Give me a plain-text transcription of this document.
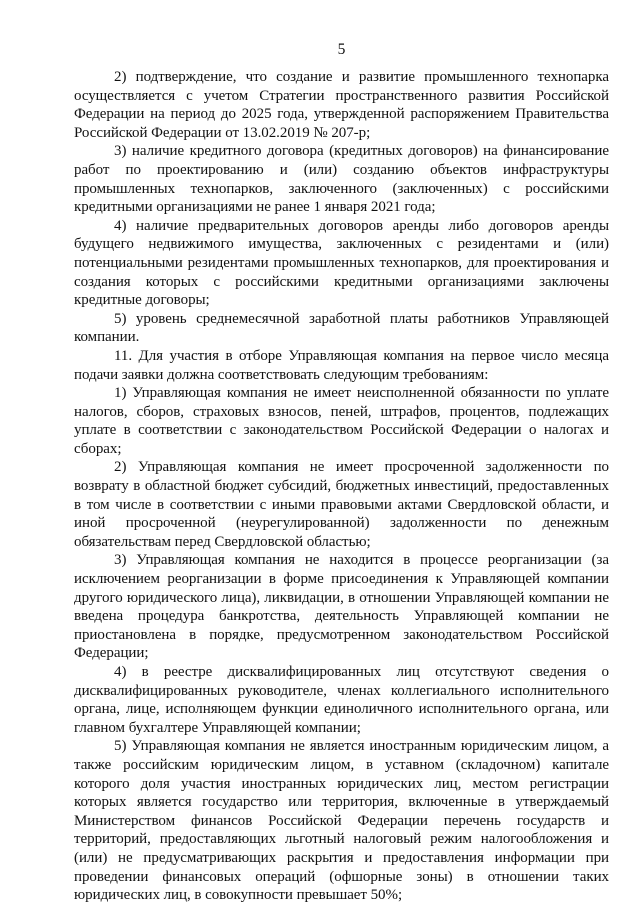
5

2) подтверждение, что создание и развитие промышленного технопарка осуществляется с учетом Стратегии пространственного развития Российской Федерации на период до 2025 года, утвержденной распоряжением Правительства Российской Федерации от 13.02.2019 № 207-р;

3) наличие кредитного договора (кредитных договоров) на финансирование работ по проектированию и (или) созданию объектов инфраструктуры промышленных технопарков, заключенного (заключенных) с российскими кредитными организациями не ранее 1 января 2021 года;

4) наличие предварительных договоров аренды либо договоров аренды будущего недвижимого имущества, заключенных с резидентами и (или) потенциальными резидентами промышленных технопарков, для проектирования и создания которых с российскими кредитными организациями заключены кредитные договоры;

5) уровень среднемесячной заработной платы работников Управляющей компании.

11. Для участия в отборе Управляющая компания на первое число месяца подачи заявки должна соответствовать следующим требованиям:

1) Управляющая компания не имеет неисполненной обязанности по уплате налогов, сборов, страховых взносов, пеней, штрафов, процентов, подлежащих уплате в соответствии с законодательством Российской Федерации о налогах и сборах;

2) Управляющая компания не имеет просроченной задолженности по возврату в областной бюджет субсидий, бюджетных инвестиций, предоставленных в том числе в соответствии с иными правовыми актами Свердловской области, и иной просроченной (неурегулированной) задолженности по денежным обязательствам перед Свердловской областью;

3) Управляющая компания не находится в процессе реорганизации (за исключением реорганизации в форме присоединения к Управляющей компании другого юридического лица), ликвидации, в отношении Управляющей компании не введена процедура банкротства, деятельность Управляющей компании не приостановлена в порядке, предусмотренном законодательством Российской Федерации;

4) в реестре дисквалифицированных лиц отсутствуют сведения о дисквалифицированных руководителе, членах коллегиального исполнительного органа, лице, исполняющем функции единоличного исполнительного органа, или главном бухгалтере Управляющей компании;

5) Управляющая компания не является иностранным юридическим лицом, а также российским юридическим лицом, в уставном (складочном) капитале которого доля участия иностранных юридических лиц, местом регистрации которых является государство или территория, включенные в утверждаемый Министерством финансов Российской Федерации перечень государств и территорий, предоставляющих льготный налоговый режим налогообложения и (или) не предусматривающих раскрытия и предоставления информации при проведении финансовых операций (офшорные зоны) в отношении таких юридических лиц, в совокупности превышает 50%;
